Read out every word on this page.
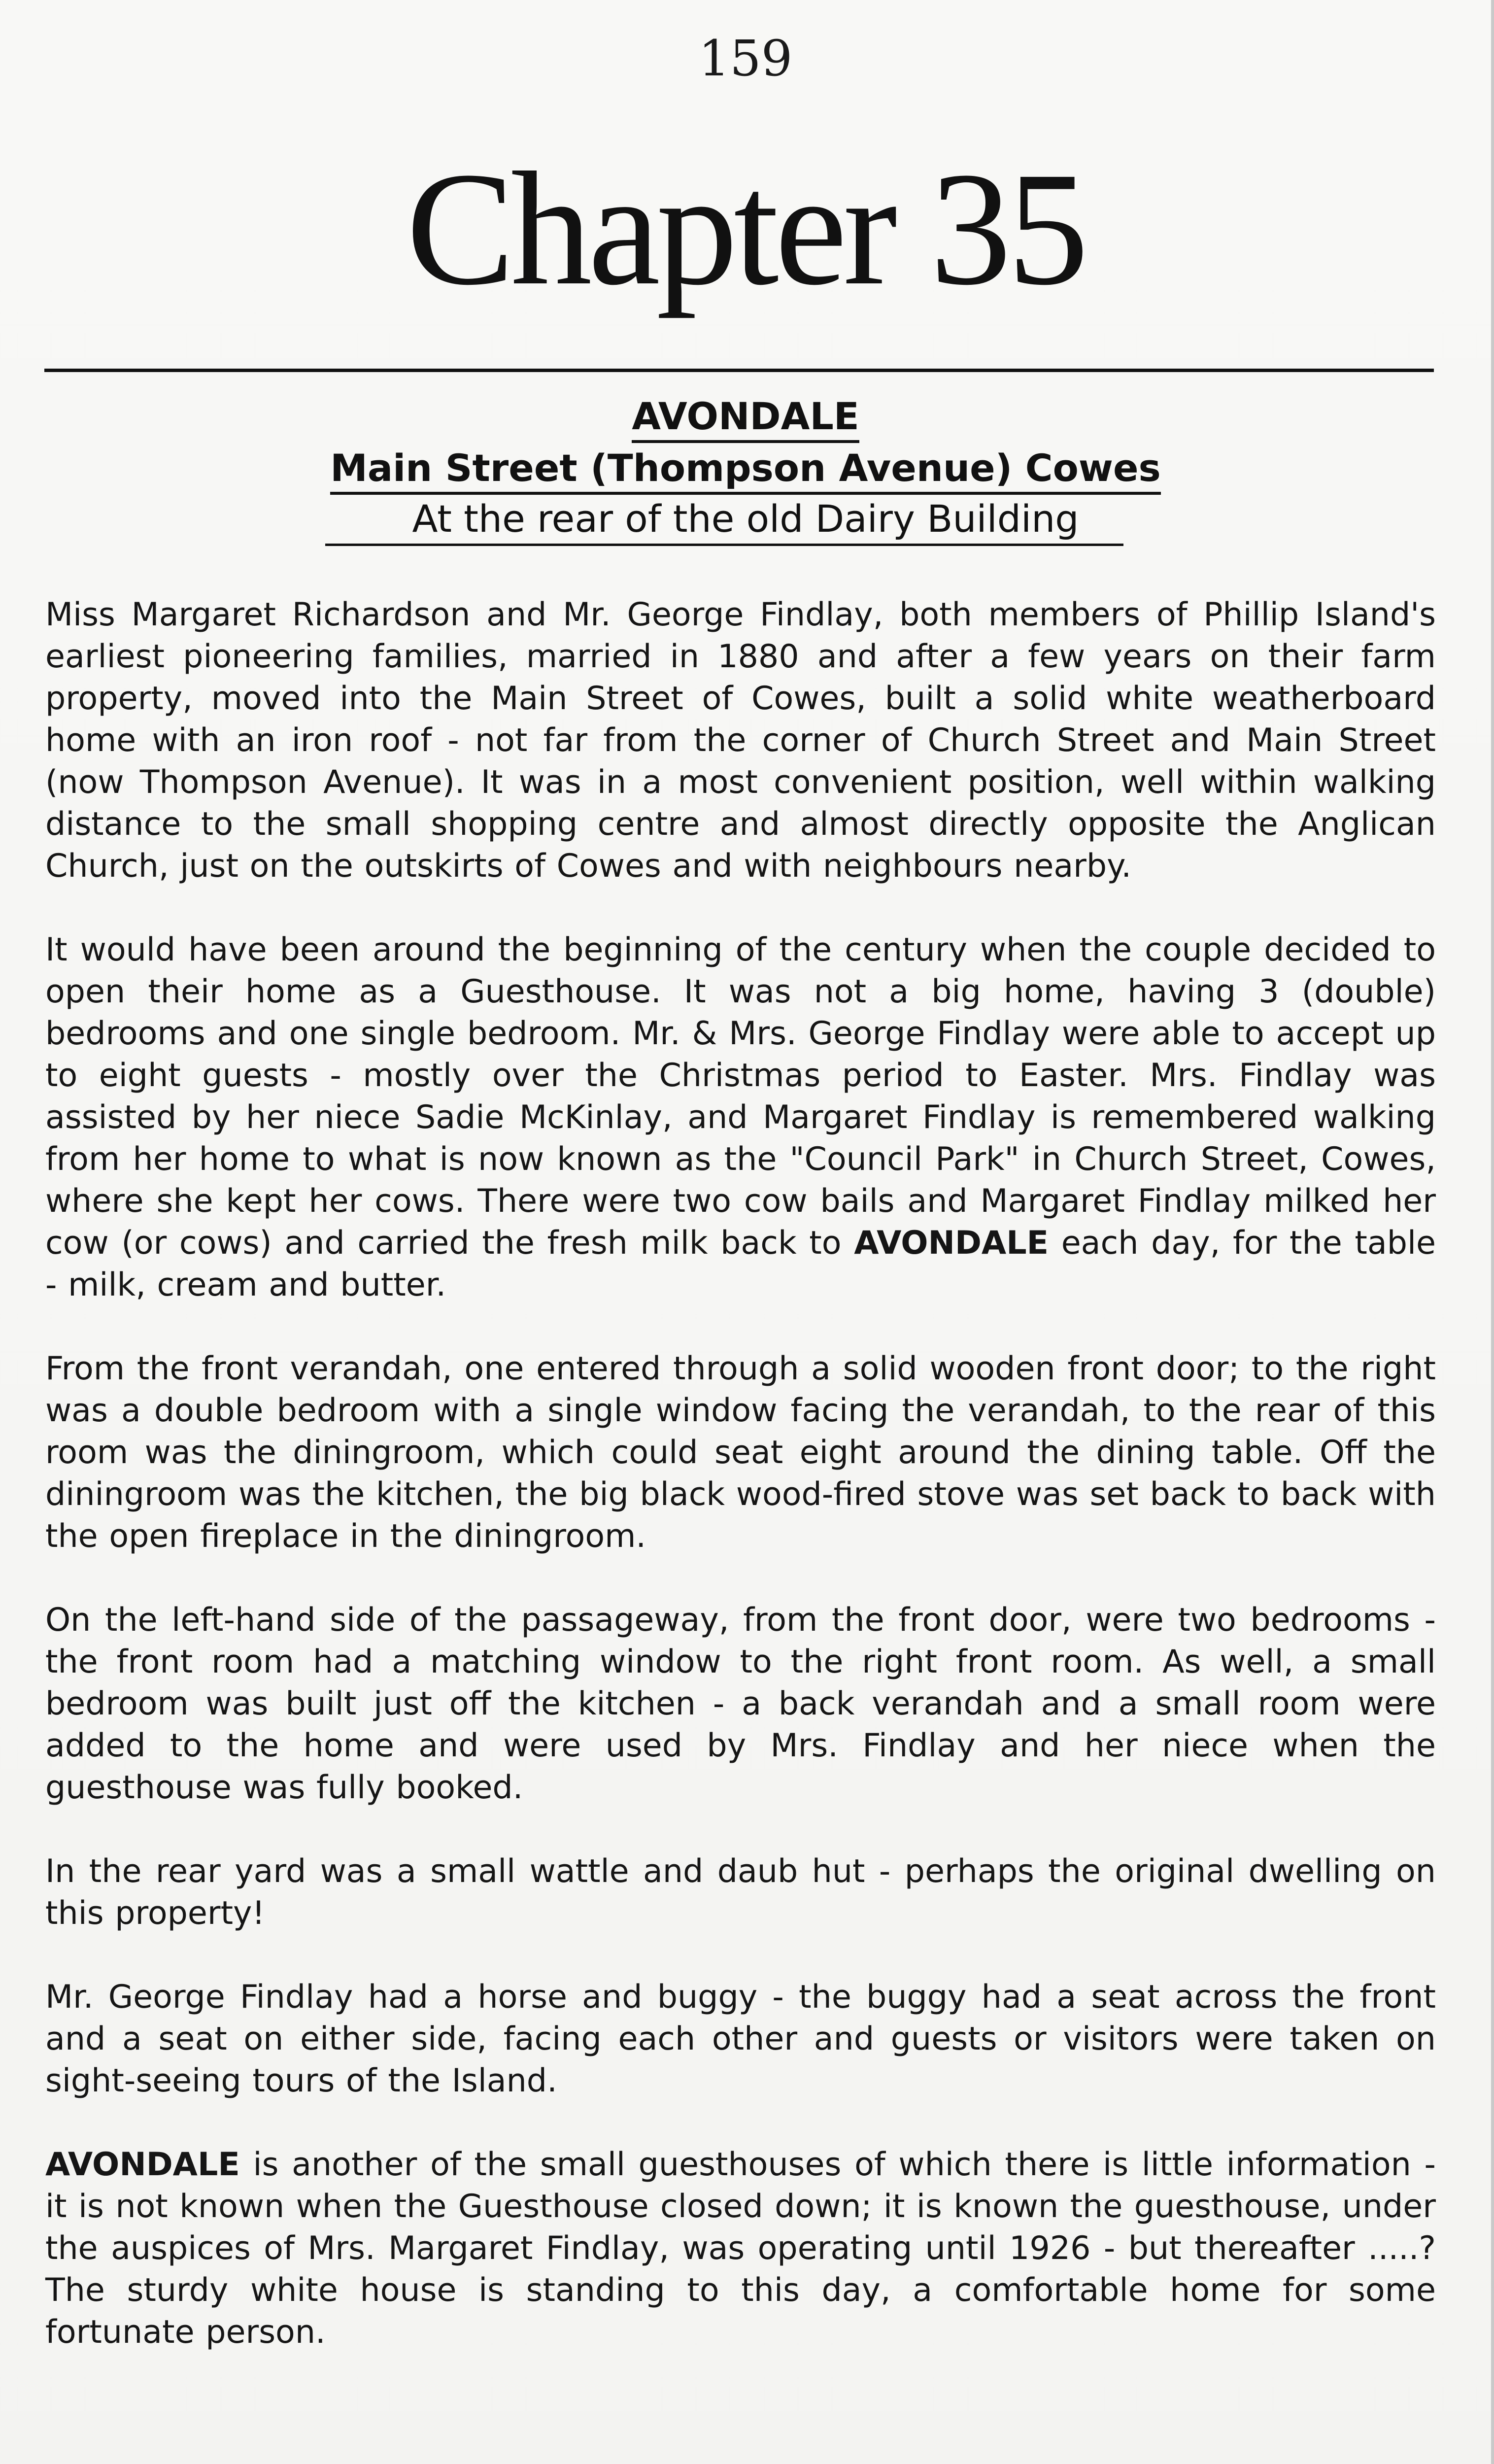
159
Chapter 35
AVONDALE
Main Street (Thompson Avenue) Cowes
At the rear of the old Dairy Building

Miss Margaret Richardson and Mr. George Findlay, both members of Phillip Island's earliest pioneering families, married in 1880 and after a few years on their farm property, moved into the Main Street of Cowes, built a solid white weatherboard home with an iron roof - not far from the corner of Church Street and Main Street (now Thompson Avenue). It was in a most convenient position, well within walking distance to the small shopping centre and almost directly opposite the Anglican Church, just on the outskirts of Cowes and with neighbours nearby.

It would have been around the beginning of the century when the couple decided to open their home as a Guesthouse. It was not a big home, having 3 (double) bedrooms and one single bedroom. Mr. & Mrs. George Findlay were able to accept up to eight guests - mostly over the Christmas period to Easter. Mrs. Findlay was assisted by her niece Sadie McKinlay, and Margaret Findlay is remembered walking from her home to what is now known as the "Council Park" in Church Street, Cowes, where she kept her cows. There were two cow bails and Margaret Findlay milked her cow (or cows) and carried the fresh milk back to AVONDALE each day, for the table - milk, cream and butter.

From the front verandah, one entered through a solid wooden front door; to the right was a double bedroom with a single window facing the verandah, to the rear of this room was the diningroom, which could seat eight around the dining table. Off the diningroom was the kitchen, the big black wood-fired stove was set back to back with the open fireplace in the diningroom.

On the left-hand side of the passageway, from the front door, were two bedrooms - the front room had a matching window to the right front room. As well, a small bedroom was built just off the kitchen - a back verandah and a small room were added to the home and were used by Mrs. Findlay and her niece when the guesthouse was fully booked.

In the rear yard was a small wattle and daub hut - perhaps the original dwelling on this property!

Mr. George Findlay had a horse and buggy - the buggy had a seat across the front and a seat on either side, facing each other and guests or visitors were taken on sight-seeing tours of the Island.

AVONDALE is another of the small guesthouses of which there is little information - it is not known when the Guesthouse closed down; it is known the guesthouse, under the auspices of Mrs. Margaret Findlay, was operating until 1926 - but thereafter .....? The sturdy white house is standing to this day, a comfortable home for some fortunate person.
